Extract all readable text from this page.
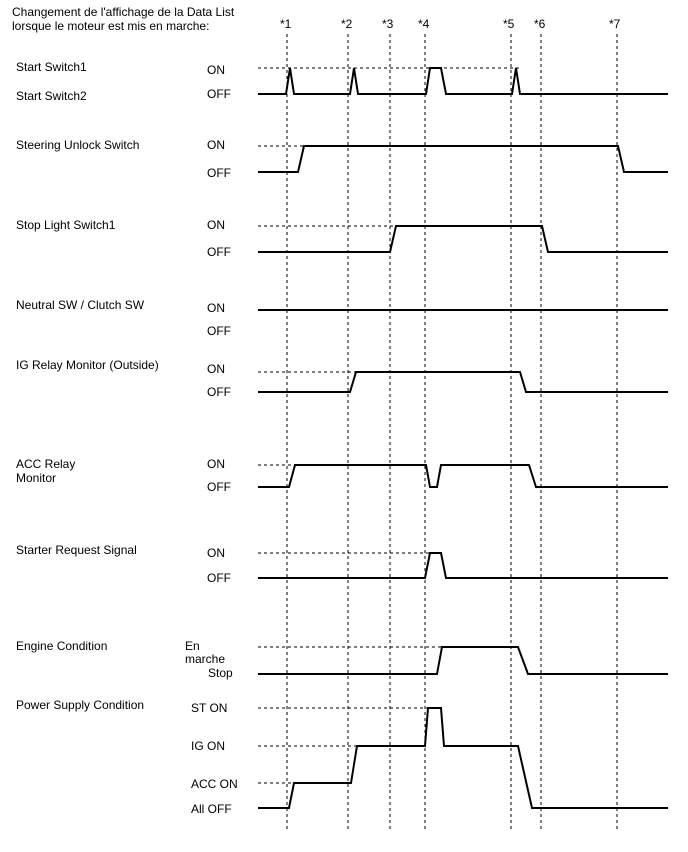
Changement de l'affichage de la Data List
lorsque le moteur est mis en marche:	*1	*2 *3 *4	*5 *6	*7
Start Switch1
Start Switch2
ON
OFF
Steering Unlock Switch	ON
OFF
Stop Light Switch1	ON
OFF
Neutral SW / Clutch SW	ON
OFF
IG Relay Monitor (Outside)	ON
OFF
ACC Relay
Monitor
ON
OFF
Starter Request Signal	ON
OFF
Engine Condition	En
marche
Stop
Power Supply Condition	ST ON
IG ON
ACC ON
All OFF
